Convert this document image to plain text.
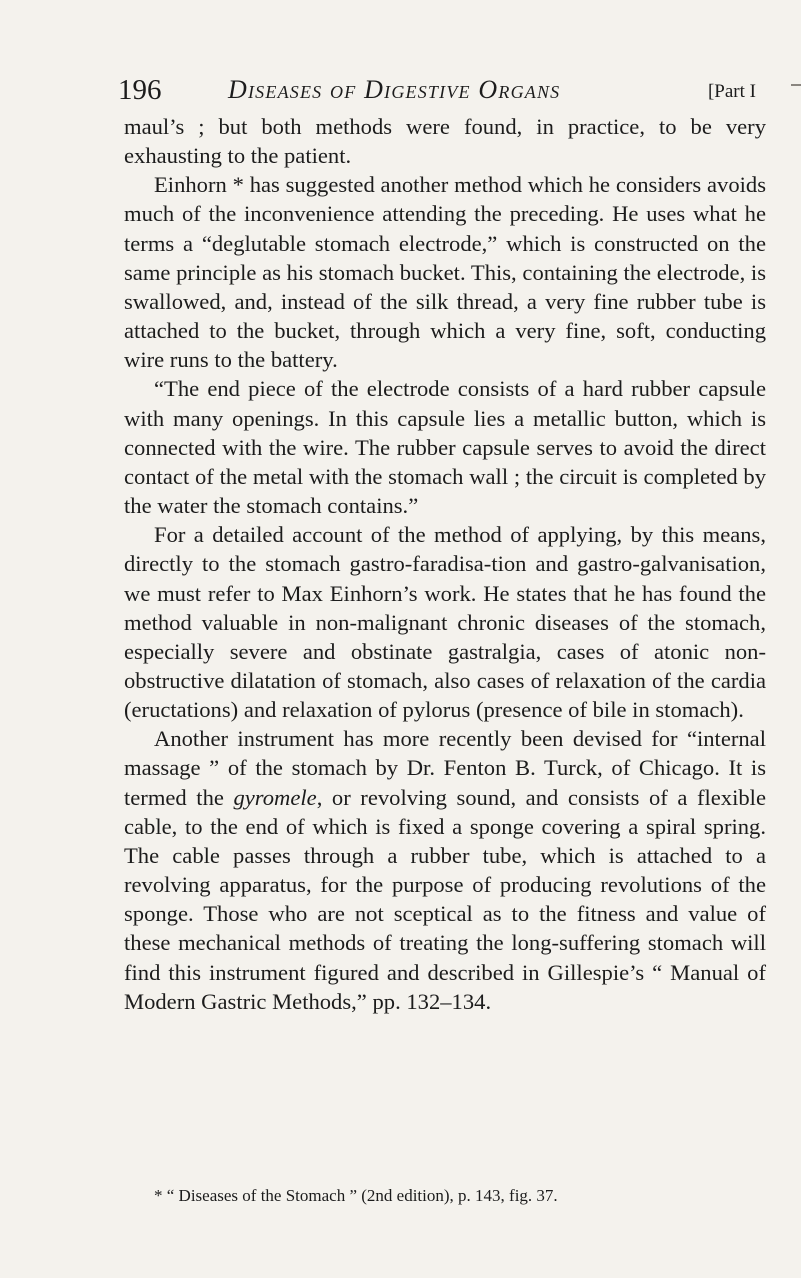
196	Diseases of Digestive Organs	[Part I

maul’s ; but both methods were found, in practice, to be very exhausting to the patient.

Einhorn * has suggested another method which he considers avoids much of the inconvenience attending the preceding. He uses what he terms a “deglutable stomach electrode,” which is constructed on the same principle as his stomach bucket. This, containing the electrode, is swallowed, and, instead of the silk thread, a very fine rubber tube is attached to the bucket, through which a very fine, soft, conducting wire runs to the battery.

“The end piece of the electrode consists of a hard rubber capsule with many openings. In this capsule lies a metallic button, which is connected with the wire. The rubber capsule serves to avoid the direct contact of the metal with the stomach wall ; the circuit is completed by the water the stomach contains.”

For a detailed account of the method of applying, by this means, directly to the stomach gastro-faradisa-tion and gastro-galvanisation, we must refer to Max Einhorn’s work. He states that he has found the method valuable in non-malignant chronic diseases of the stomach, especially severe and obstinate gastralgia, cases of atonic non-obstructive dilatation of stomach, also cases of relaxation of the cardia (eructations) and relaxation of pylorus (presence of bile in stomach).

Another instrument has more recently been devised for “internal massage ” of the stomach by Dr. Fenton B. Turck, of Chicago. It is termed the gyromele, or revolving sound, and consists of a flexible cable, to the end of which is fixed a sponge covering a spiral spring. The cable passes through a rubber tube, which is attached to a revolving apparatus, for the purpose of producing revolutions of the sponge. Those who are not sceptical as to the fitness and value of these mechanical methods of treating the long-suffering stomach will find this instrument figured and described in Gillespie’s “ Manual of Modern Gastric Methods,” pp. 132–134.

* “ Diseases of the Stomach ” (2nd edition), p. 143, fig. 37.
